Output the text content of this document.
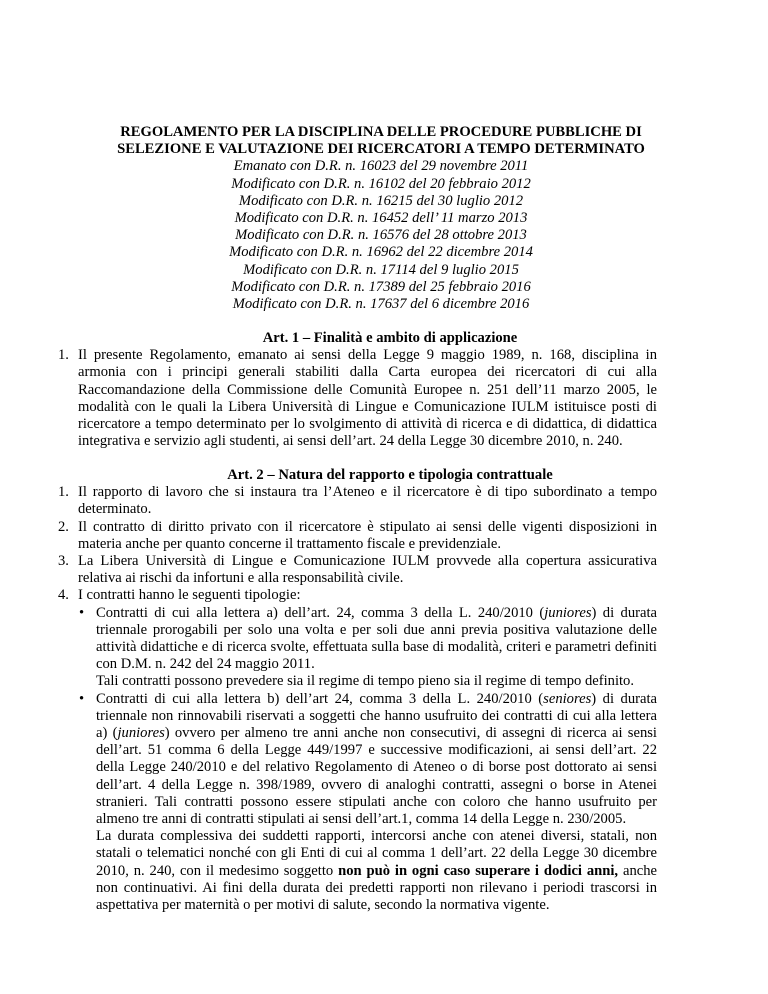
REGOLAMENTO PER LA DISCIPLINA DELLE PROCEDURE PUBBLICHE DI SELEZIONE E VALUTAZIONE DEI RICERCATORI A TEMPO DETERMINATO

Emanato con D.R. n. 16023 del 29 novembre 2011
Modificato con D.R. n. 16102 del 20 febbraio 2012
Modificato con D.R. n. 16215 del 30 luglio 2012
Modificato con D.R. n. 16452 dell’ 11 marzo 2013
Modificato con D.R. n. 16576 del 28 ottobre 2013
Modificato con D.R. n. 16962 del 22 dicembre 2014
Modificato con D.R. n. 17114 del 9 luglio 2015
Modificato con D.R. n. 17389 del 25 febbraio 2016
Modificato con D.R. n. 17637 del 6 dicembre 2016

Art. 1 – Finalità e ambito di applicazione

1. Il presente Regolamento, emanato ai sensi della Legge 9 maggio 1989, n. 168, disciplina in armonia con i principi generali stabiliti dalla Carta europea dei ricercatori di cui alla Raccomandazione della Commissione delle Comunità Europee n. 251 dell’11 marzo 2005, le modalità con le quali la Libera Università di Lingue e Comunicazione IULM istituisce posti di ricercatore a tempo determinato per lo svolgimento di attività di ricerca e di didattica, di didattica integrativa e servizio agli studenti, ai sensi dell’art. 24 della Legge 30 dicembre 2010, n. 240.

Art. 2 – Natura del rapporto e tipologia contrattuale

1. Il rapporto di lavoro che si instaura tra l’Ateneo e il ricercatore è di tipo subordinato a tempo determinato.
2. Il contratto di diritto privato con il ricercatore è stipulato ai sensi delle vigenti disposizioni in materia anche per quanto concerne il trattamento fiscale e previdenziale.
3. La Libera Università di Lingue e Comunicazione IULM provvede alla copertura assicurativa relativa ai rischi da infortuni e alla responsabilità civile.
4. I contratti hanno le seguenti tipologie:
• Contratti di cui alla lettera a) dell’art. 24, comma 3 della L. 240/2010 (juniores) di durata triennale prorogabili per solo una volta e per soli due anni previa positiva valutazione delle attività didattiche e di ricerca svolte, effettuata sulla base di modalità, criteri e parametri definiti con D.M. n. 242 del 24 maggio 2011.
Tali contratti possono prevedere sia il regime di tempo pieno sia il regime di tempo definito.
• Contratti di cui alla lettera b) dell’art 24, comma 3 della L. 240/2010 (seniores) di durata triennale non rinnovabili riservati a soggetti che hanno usufruito dei contratti di cui alla lettera a) (juniores) ovvero per almeno tre anni anche non consecutivi, di assegni di ricerca ai sensi dell’art. 51 comma 6 della Legge 449/1997 e successive modificazioni, ai sensi dell’art. 22 della Legge 240/2010 e del relativo Regolamento di Ateneo o di borse post dottorato ai sensi dell’art. 4 della Legge n. 398/1989, ovvero di analoghi contratti, assegni o borse in Atenei stranieri. Tali contratti possono essere stipulati anche con coloro che hanno usufruito per almeno tre anni di contratti stipulati ai sensi dell’art.1, comma 14 della Legge n. 230/2005.
La durata complessiva dei suddetti rapporti, intercorsi anche con atenei diversi, statali, non statali o telematici nonché con gli Enti di cui al comma 1 dell’art. 22 della Legge 30 dicembre 2010, n. 240, con il medesimo soggetto non può in ogni caso superare i dodici anni, anche non continuativi. Ai fini della durata dei predetti rapporti non rilevano i periodi trascorsi in aspettativa per maternità o per motivi di salute, secondo la normativa vigente.
